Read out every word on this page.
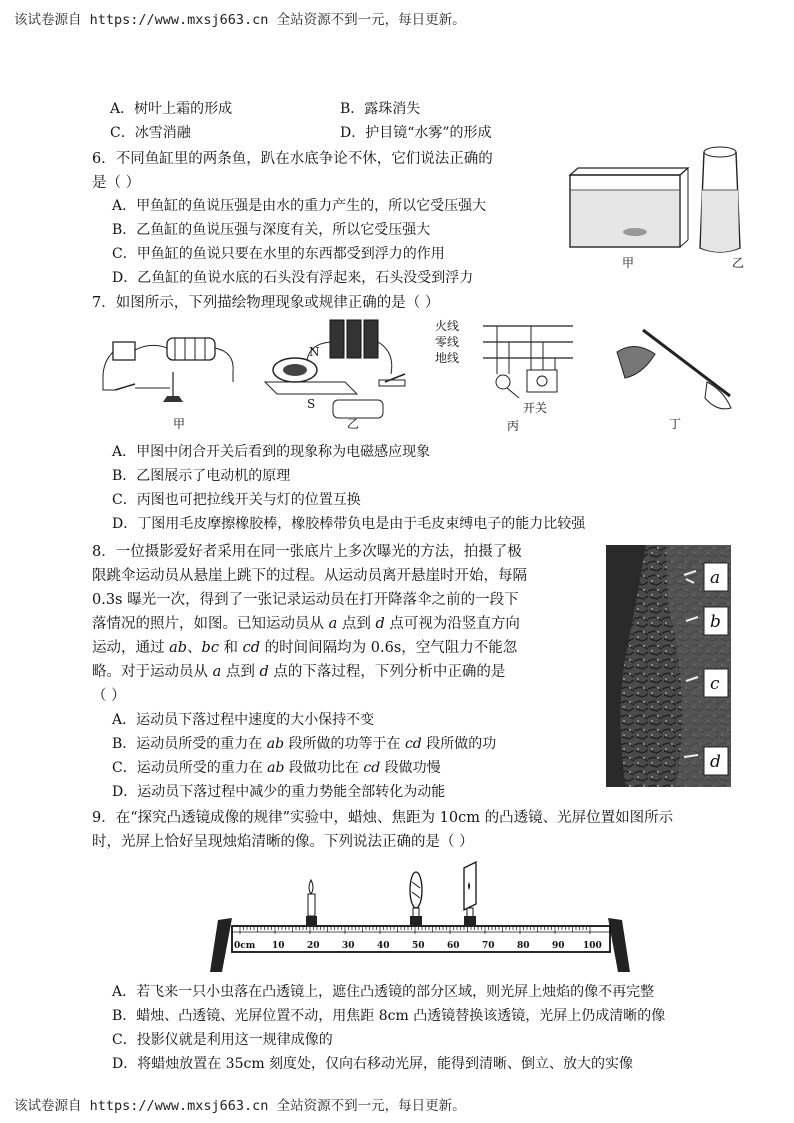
该试卷源自 https://www.mxsj663.cn 全站资源不到一元，每日更新。
A．树叶上霜的形成	B．露珠消失
C．冰雪消融	D．护目镜“水雾”的形成
6．不同鱼缸里的两条鱼，趴在水底争论不休，它们说法正确的
是（ ）
A．甲鱼缸的鱼说压强是由水的重力产生的，所以它受压强大
B．乙鱼缸的鱼说压强与深度有关，所以它受压强大
C．甲鱼缸的鱼说只要在水里的东西都受到浮力的作用
D．乙鱼缸的鱼说水底的石头没有浮起来，石头没受到浮力
甲	乙
7．如图所示，下列描绘物理现象或规律正确的是（ ）
甲
N
S
乙
火线
零线
地线
开关
丙	丁
A．甲图中闭合开关后看到的现象称为电磁感应现象
B．乙图展示了电动机的原理
C．丙图也可把拉线开关与灯的位置互换
D．丁图用毛皮摩擦橡胶棒，橡胶棒带负电是由于毛皮束缚电子的能力比较强
8．一位摄影爱好者采用在同一张底片上多次曝光的方法，拍摄了极
限跳伞运动员从悬崖上跳下的过程。从运动员离开悬崖时开始，每隔
0.3s 曝光一次，得到了一张记录运动员在打开降落伞之前的一段下
落情况的照片，如图。已知运动员从 a 点到 d 点可视为沿竖直方向
运动，通过 ab、bc 和 cd 的时间间隔均为 0.6s，空气阻力不能忽
略。对于运动员从 a 点到 d 点的下落过程，下列分析中正确的是
（ ）
A．运动员下落过程中速度的大小保持不变
B．运动员所受的重力在 ab 段所做的功等于在 cd 段所做的功
C．运动员所受的重力在 ab 段做功比在 cd 段做功慢
D．运动员下落过程中减少的重力势能全部转化为动能
a
b
c
d
9．在“探究凸透镜成像的规律”实验中，蜡烛、焦距为 10cm 的凸透镜、光屏位置如图所示
时，光屏上恰好呈现烛焰清晰的像。下列说法正确的是（ ）
0cm 10 20 30 40 50 60 70 80 90 100
A．若飞来一只小虫落在凸透镜上，遮住凸透镜的部分区域，则光屏上烛焰的像不再完整
B．蜡烛、凸透镜、光屏位置不动，用焦距 8cm 凸透镜替换该透镜，光屏上仍成清晰的像
C．投影仪就是利用这一规律成像的
D．将蜡烛放置在 35cm 刻度处，仅向右移动光屏，能得到清晰、倒立、放大的实像
该试卷源自 https://www.mxsj663.cn 全站资源不到一元，每日更新。
